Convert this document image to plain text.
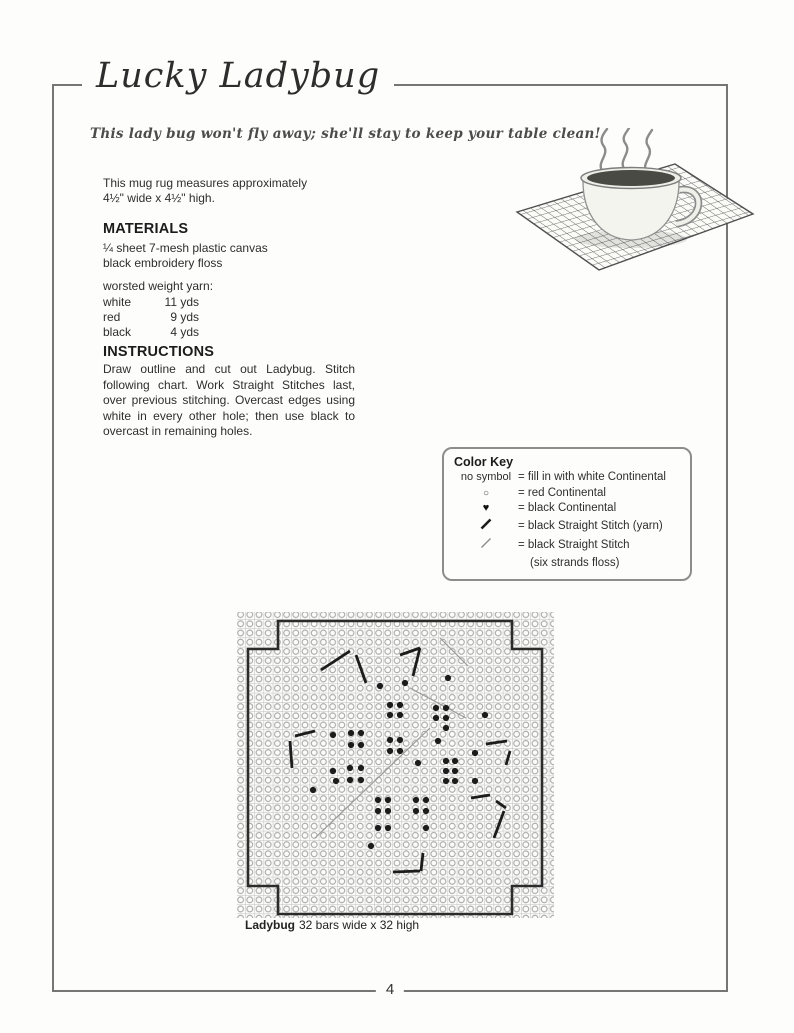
Lucky Ladybug
This lady bug won't fly away; she'll stay to keep your table clean!
This mug rug measures approximately
4½" wide x 4½" high.
MATERIALS
¼ sheet 7-mesh plastic canvas
black embroidery floss
worsted weight yarn:
white	11 yds
red	9 yds
black	4 yds
INSTRUCTIONS
Draw outline and cut out Ladybug. Stitch following chart. Work Straight Stitches last, over previous stitching. Overcast edges using white in every other hole; then use black to overcast in remaining holes.
Color Key
no symbol = fill in with white Continental
○	= red Continental
♥	= black Continental
= black Straight Stitch (yarn)
= black Straight Stitch
(six strands floss)
Ladybug 32 bars wide x 32 high
4
